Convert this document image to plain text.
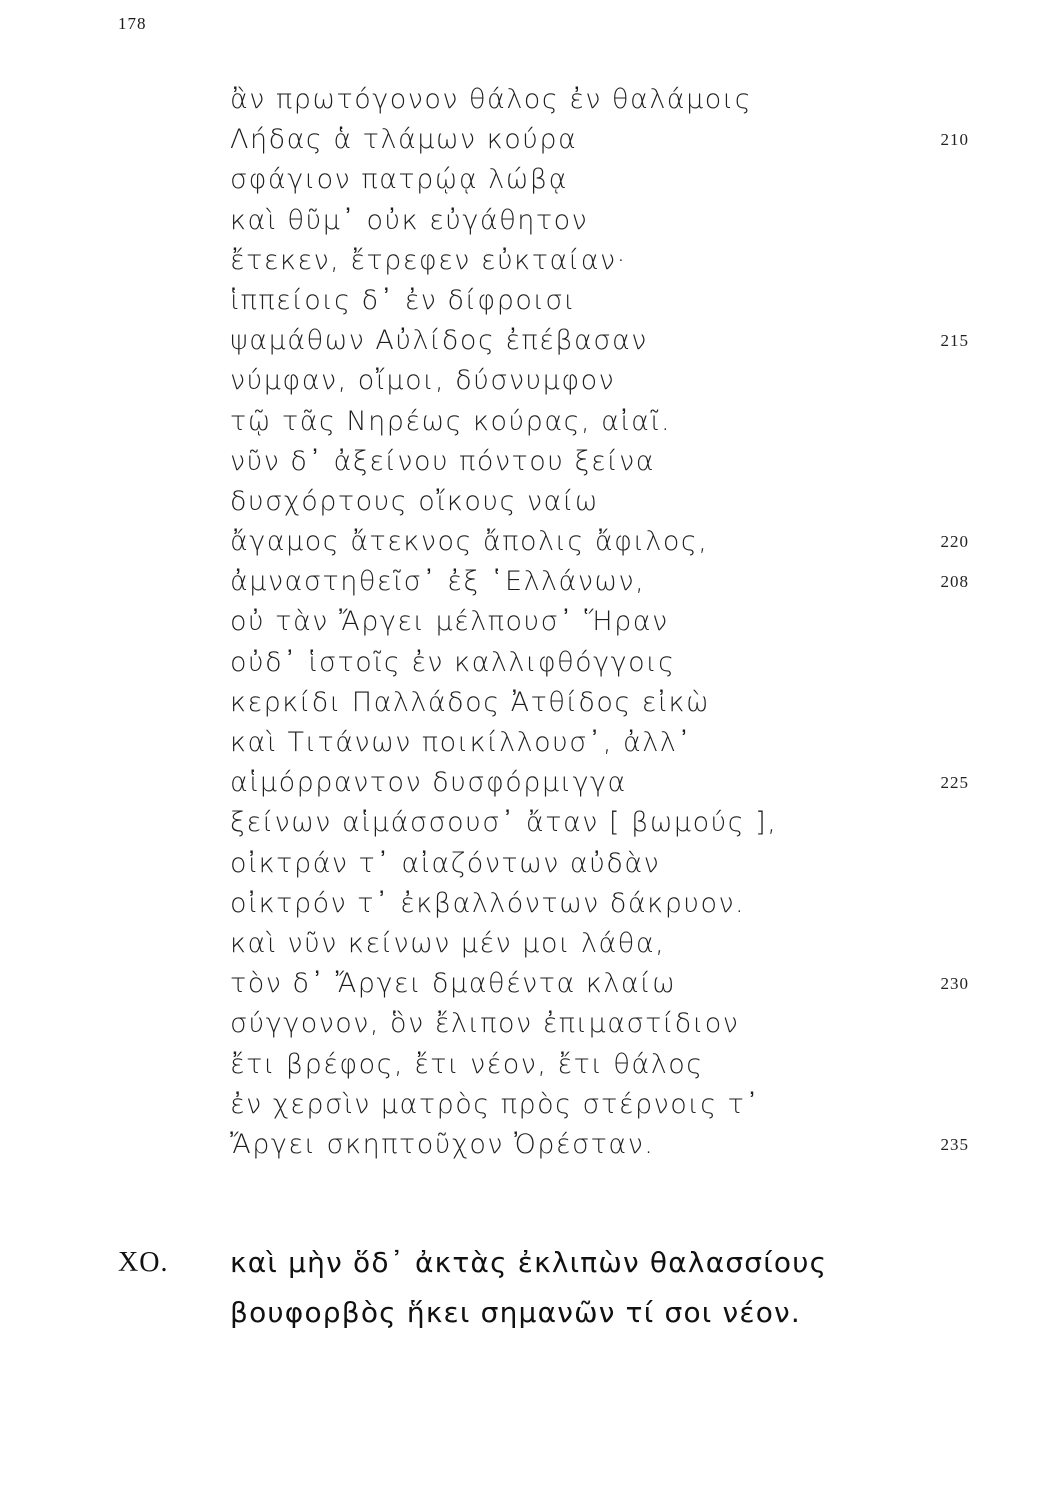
178
ἂν πρωτόγονον θάλος ἐν θαλάμοις
Λήδας ἁ τλάμων κούρα	210
σφάγιον πατρῴᾳ λώβᾳ
καὶ θῦμ᾽ οὐκ εὐγάθητον
ἔτεκεν, ἔτρεφεν εὐκταίαν·
ἱππείοις δ᾽ ἐν δίφροισι
ψαμάθων Αὐλίδος ἐπέβασαν	215
νύμφαν, οἴμοι, δύσνυμφον
τῷ τᾶς Νηρέως κούρας, αἰαῖ.
νῦν δ᾽ ἀξείνου πόντου ξείνα
δυσχόρτους οἴκους ναίω
ἄγαμος ἄτεκνος ἄπολις ἄφιλος,	220
ἀμναστηθεῖσ᾽ ἐξ ῾Ελλάνων,	208
οὐ τὰν Ἄργει μέλπουσ᾽ Ἥραν
οὐδ᾽ ἱστοῖς ἐν καλλιφθόγγοις
κερκίδι Παλλάδος Ἀτθίδος εἰκὼ
καὶ Τιτάνων ποικίλλουσ᾽, ἀλλ᾽
αἱμόρραντον δυσφόρμιγγα	225
ξείνων αἱμάσσουσ᾽ ἄταν [ βωμούς ],
οἰκτράν τ᾽ αἰαζόντων αὐδὰν
οἰκτρόν τ᾽ ἐκβαλλόντων δάκρυον.
καὶ νῦν κείνων μέν μοι λάθα,
τὸν δ᾽ Ἄργει δμαθέντα κλαίω	230
σύγγονον, ὃν ἔλιπον ἐπιμαστίδιον
ἔτι βρέφος, ἔτι νέον, ἔτι θάλος
ἐν χερσὶν ματρὸς πρὸς στέρνοις τ᾽
Ἄργει σκηπτοῦχον Ὀρέσταν.	235
ΧΟ. καὶ μὴν ὅδ᾽ ἀκτὰς ἐκλιπὼν θαλασσίους
βουφορβὸς ἥκει σημανῶν τί σοι νέον.
